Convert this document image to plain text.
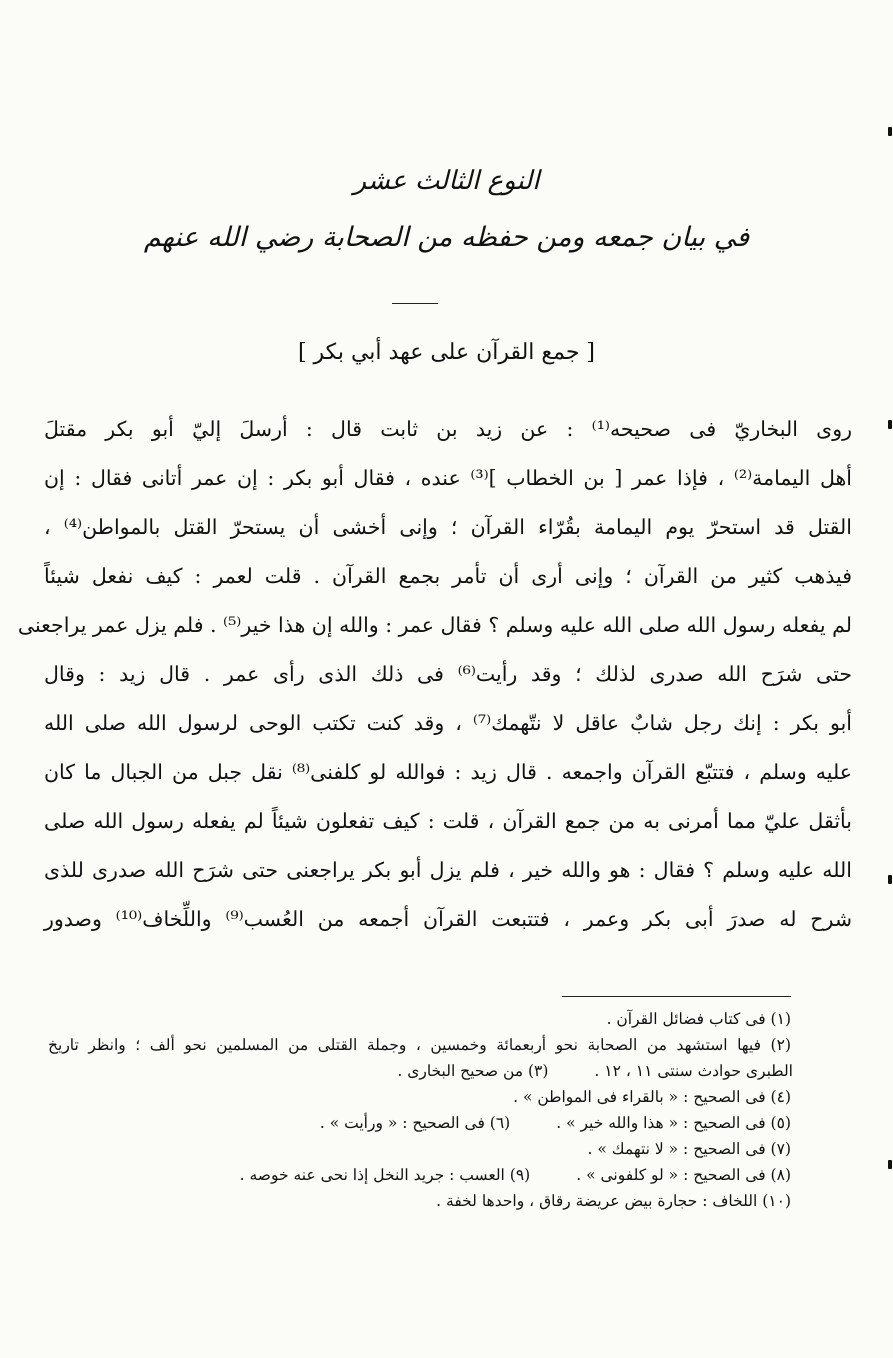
النوع الثالث عشر
في بيان جمعه ومن حفظه من الصحابة رضي الله عنهم
[ جمع القرآن على عهد أبي بكر ]
روى البخاريّ فى صحيحه⁽¹⁾ : عن زيد بن ثابت قال : أرسلَ إليّ أبو بكر مقتلَ
أهل اليمامة⁽²⁾ ، فإذا عمر [ بن الخطاب ]⁽³⁾ عنده ، فقال أبو بكر : إن عمر أتانى فقال : إن
القتل قد استحرّ يوم اليمامة بقُرّاء القرآن ؛ وإنى أخشى أن يستحرّ القتل بالمواطن⁽⁴⁾ ،
فيذهب كثير من القرآن ؛ وإنى أرى أن تأمر بجمع القرآن . قلت لعمر : كيف نفعل شيئاً
لم يفعله رسول الله صلى الله عليه وسلم ؟ فقال عمر : والله إن هذا خير⁽⁵⁾ . فلم يزل عمر يراجعنى
حتى شرَح الله صدرى لذلك ؛ وقد رأيت⁽⁶⁾ فى ذلك الذى رأى عمر . قال زيد : وقال
أبو بكر : إنك رجل شابٌ عاقل لا نتّهمك⁽⁷⁾ ، وقد كنت تكتب الوحى لرسول الله صلى الله
عليه وسلم ، فتتبّع القرآن واجمعه . قال زيد : فوالله لو كلفنى⁽⁸⁾ نقل جبل من الجبال ما كان
بأثقل عليّ مما أمرنى به من جمع القرآن ، قلت : كيف تفعلون شيئاً لم يفعله رسول الله صلى
الله عليه وسلم ؟ فقال : هو والله خير ، فلم يزل أبو بكر يراجعنى حتى شرَح الله صدرى للذى
شرح له صدرَ أبى بكر وعمر ، فتتبعت القرآن أجمعه من العُسب⁽⁹⁾ واللِّخاف⁽¹⁰⁾ وصدور
(١) فى كتاب فضائل القرآن .
(٢) فيها استشهد من الصحابة نحو أربعمائة وخمسين ، وجملة القتلى من المسلمين نحو ألف ؛ وانظر تاريخ
الطبرى حوادث سنتى ١١ ، ١٢ .(٣) من صحيح البخارى .
(٤) فى الصحيح : « بالقراء فى المواطن » .
(٥) فى الصحيح : « هذا والله خير » .(٦) فى الصحيح : « ورأيت » .
(٧) فى الصحيح : « لا نتهمك » .
(٨) فى الصحيح : « لو كلفونى » .(٩) العسب : جريد النخل إذا نحى عنه خوصه .
(١٠) اللخاف : حجارة بيض عريضة رقاق ، واحدها لخفة .
